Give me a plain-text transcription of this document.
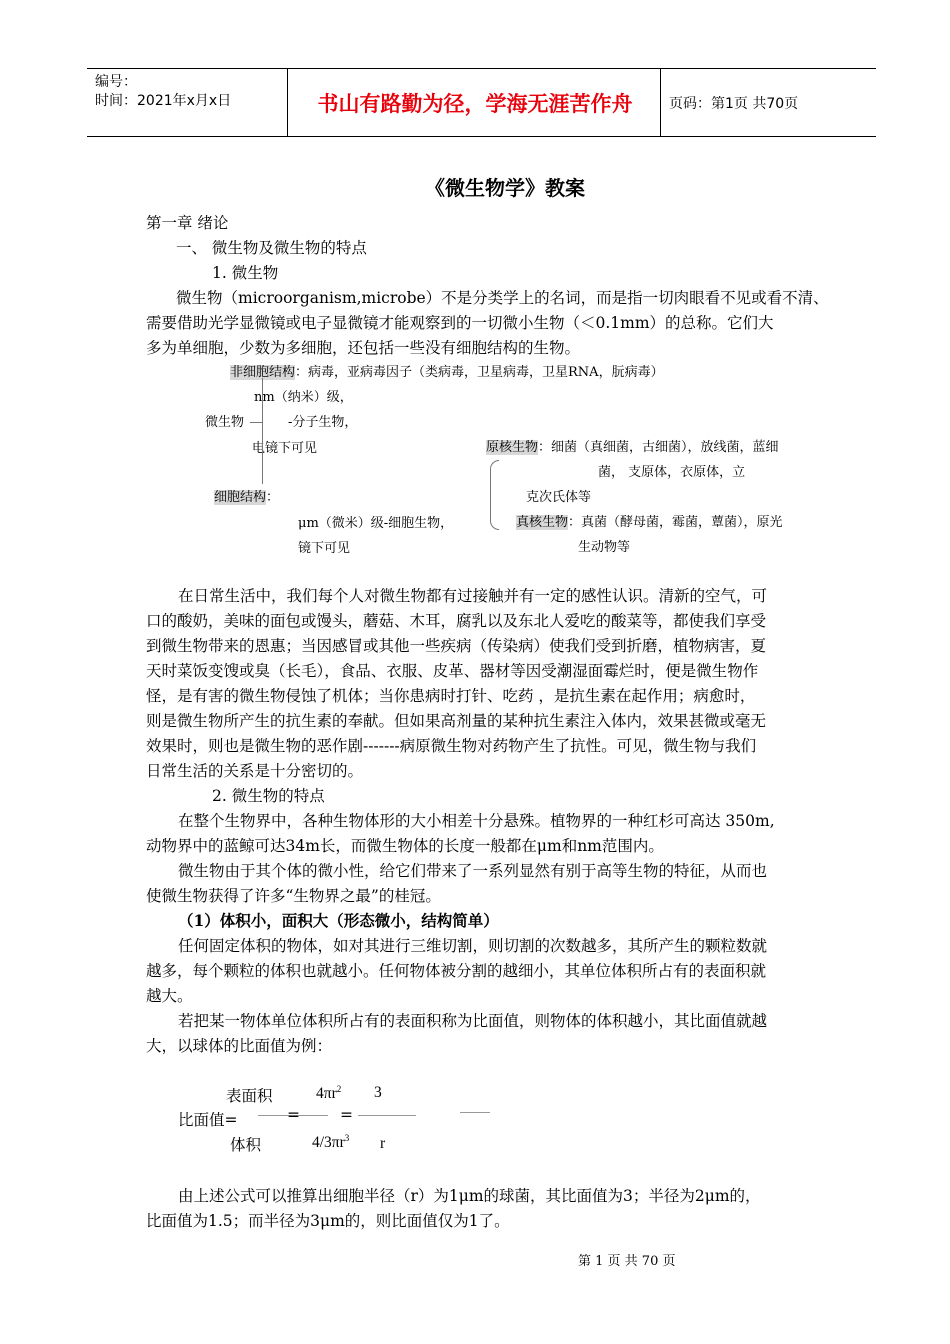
编号：
时间：2021年x月x日	书山有路勤为径，学海无涯苦作舟	页码：第1页 共70页
《微生物学》教案
第一章 绪论
一、 微生物及微生物的特点
1. 微生物
微生物（microorganism,microbe）不是分类学上的名词，而是指一切肉眼看不见或看不清、
需要借助光学显微镜或电子显微镜才能观察到的一切微小生物（＜0.1mm）的总称。它们大
多为单细胞，少数为多细胞，还包括一些没有细胞结构的生物。
非细胞结构：病毒，亚病毒因子（类病毒，卫星病毒，卫星RNA，朊病毒）
nm（纳米）级，
微生物	-分子生物，
电镜下可见
细胞结构：
μm（微米）级-细胞生物，
镜下可见
原核生物：细菌（真细菌，古细菌），放线菌，蓝细
菌， 支原体，衣原体，立
克次氏体等
真核生物：真菌（酵母菌，霉菌，蕈菌），原光
生动物等
在日常生活中，我们每个人对微生物都有过接触并有一定的感性认识。清新的空气，可
口的酸奶，美味的面包或馒头，蘑菇、木耳，腐乳以及东北人爱吃的酸菜等，都使我们享受
到微生物带来的恩惠；当因感冒或其他一些疾病（传染病）使我们受到折磨，植物病害，夏
天时菜饭变馊或臭（长毛），食品、衣服、皮革、器材等因受潮湿面霉烂时，便是微生物作
怪，是有害的微生物侵蚀了机体；当你患病时打针、吃药 ，是抗生素在起作用；病愈时，
则是微生物所产生的抗生素的奉献。但如果高剂量的某种抗生素注入体内，效果甚微或毫无
效果时，则也是微生物的恶作剧-------病原微生物对药物产生了抗性。可见，微生物与我们
日常生活的关系是十分密切的。
2. 微生物的特点
在整个生物界中，各种生物体形的大小相差十分悬殊。植物界的一种红杉可高达 350m,
动物界中的蓝鲸可达34m长，而微生物体的长度一般都在μm和nm范围内。
微生物由于其个体的微小性，给它们带来了一系列显然有别于高等生物的特征，从而也
使微生物获得了许多“生物界之最”的桂冠。
（1）体积小，面积大（形态微小，结构简单）
任何固定体积的物体，如对其进行三维切割，则切割的次数越多，其所产生的颗粒数就
越多，每个颗粒的体积也就越小。任何物体被分割的越细小，其单位体积所占有的表面积就
越大。
若把某一物体单位体积所占有的表面积称为比面值，则物体的体积越小，其比面值就越
大，以球体的比面值为例：
表面积	$4\pi r^2$ 3
比面值=	=	=
体积	$4/3\pi r^3$ r
由上述公式可以推算出细胞半径（r）为1μm的球菌，其比面值为3；半径为2μm的，
比面值为1.5；而半径为3μm的，则比面值仅为1了。
第 1 页 共 70 页
